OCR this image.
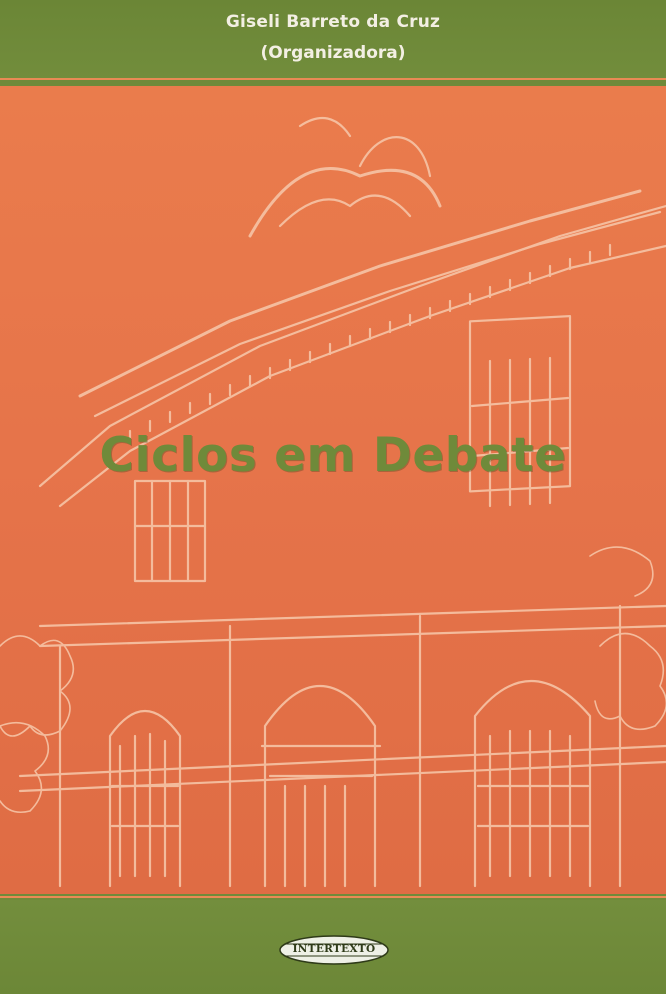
Giseli Barreto da Cruz
(Organizadora)
Ciclos em Debate
INTERTEXTO
